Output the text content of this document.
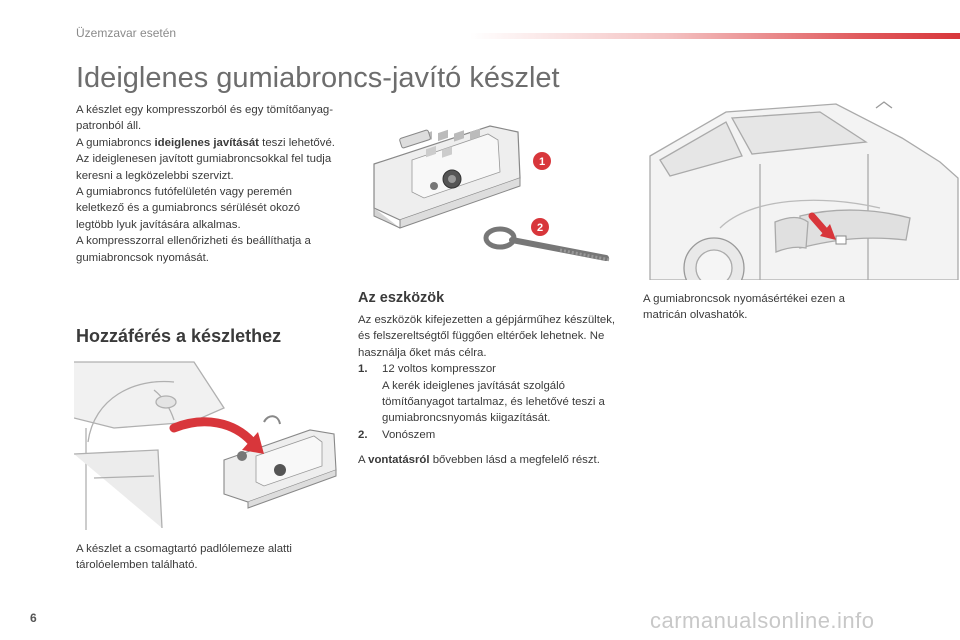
Üzemzavar esetén
Ideiglenes gumiabroncs-javító készlet

A készlet egy kompresszorból és egy tömítőanyag-patronból áll.

A gumiabroncs ideiglenes javítását teszi lehetővé.

Az ideiglenesen javított gumiabroncsokkal fel tudja keresni a legközelebbi szervizt.

A gumiabroncs futófelületén vagy peremén keletkező és a gumiabroncs sérülését okozó legtöbb lyuk javítására alkalmas.

A kompresszorral ellenőrizheti és beállíthatja a gumiabroncsok nyomását.

1
2
A gumiabroncsok nyomásértékei ezen a matricán olvashatók.
Az eszközök

Az eszközök kifejezetten a gépjárműhez készültek, és felszereltségtől függően eltérőek lehetnek. Ne használja őket más célra.

1.	12 voltos kompresszor
A kerék ideiglenes javítását szolgáló tömítőanyagot tartalmaz, és lehetővé teszi a gumiabroncsnyomás kiigazítását.
2.	Vonószem

A vontatásról bővebben lásd a megfelelő részt.

Hozzáférés a készlethez
A készlet a csomagtartó padlólemeze alatti tárolóelemben található.
6	carmanualsonline.info
